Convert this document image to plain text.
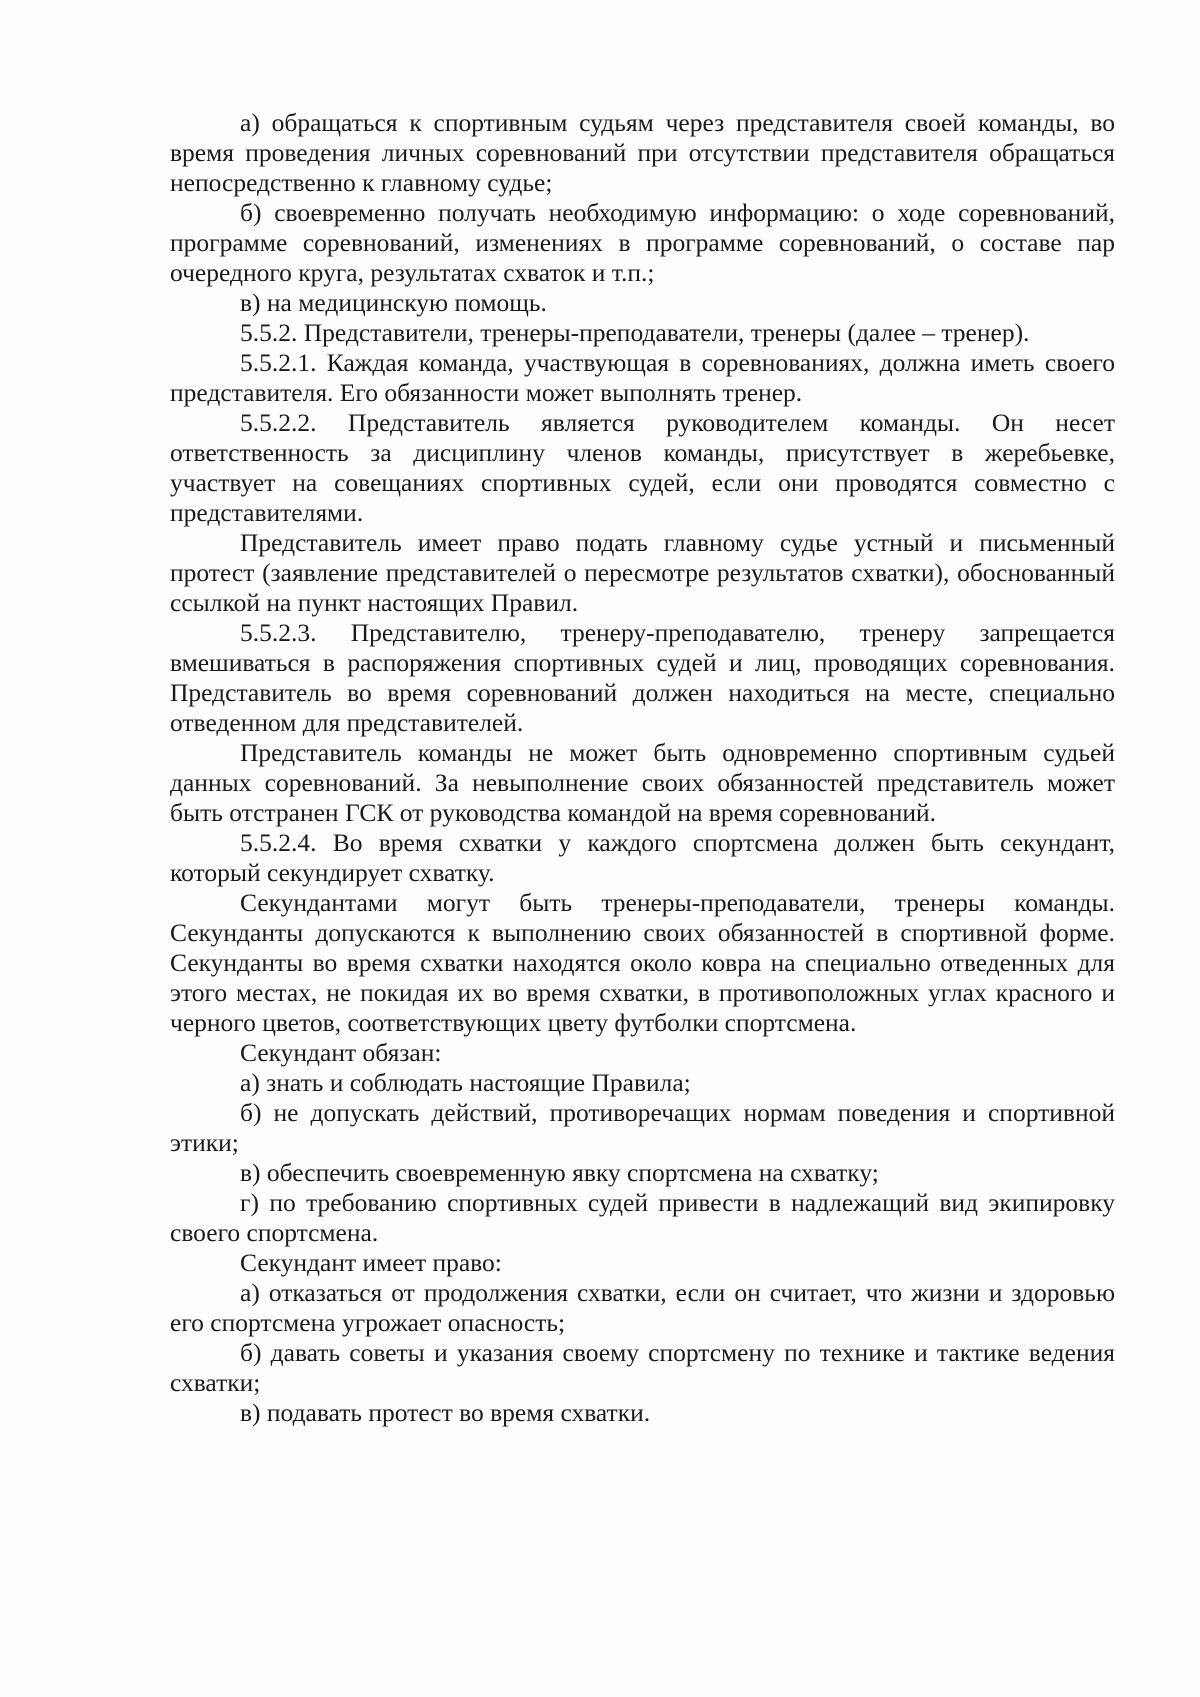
а) обращаться к спортивным судьям через представителя своей команды, во время проведения личных соревнований при отсутствии представителя обращаться непосредственно к главному судье;

б) своевременно получать необходимую информацию: о ходе соревнований, программе соревнований, изменениях в программе соревнований, о составе пар очередного круга, результатах схваток и т.п.;

в) на медицинскую помощь.

5.5.2. Представители, тренеры-преподаватели, тренеры (далее – тренер).

5.5.2.1. Каждая команда, участвующая в соревнованиях, должна иметь своего представителя. Его обязанности может выполнять тренер.

5.5.2.2. Представитель является руководителем команды. Он несет ответственность за дисциплину членов команды, присутствует в жеребьевке, участвует на совещаниях спортивных судей, если они проводятся совместно с представителями.

Представитель имеет право подать главному судье устный и письменный протест (заявление представителей о пересмотре результатов схватки), обоснованный ссылкой на пункт настоящих Правил.

5.5.2.3. Представителю, тренеру-преподавателю, тренеру запрещается вмешиваться в распоряжения спортивных судей и лиц, проводящих соревнования. Представитель во время соревнований должен находиться на месте, специально отведенном для представителей.

Представитель команды не может быть одновременно спортивным судьей данных соревнований. За невыполнение своих обязанностей представитель может быть отстранен ГСК от руководства командой на время соревнований.

5.5.2.4. Во время схватки у каждого спортсмена должен быть секундант, который секундирует схватку.

Секундантами могут быть тренеры-преподаватели, тренеры команды. Секунданты допускаются к выполнению своих обязанностей в спортивной форме. Секунданты во время схватки находятся около ковра на специально отведенных для этого местах, не покидая их во время схватки, в противоположных углах красного и черного цветов, соответствующих цвету футболки спортсмена.

Секундант обязан:

а) знать и соблюдать настоящие Правила;

б) не допускать действий, противоречащих нормам поведения и спортивной этики;

в) обеспечить своевременную явку спортсмена на схватку;

г) по требованию спортивных судей привести в надлежащий вид экипировку своего спортсмена.

Секундант имеет право:

а) отказаться от продолжения схватки, если он считает, что жизни и здоровью его спортсмена угрожает опасность;

б) давать советы и указания своему спортсмену по технике и тактике ведения схватки;

в) подавать протест во время схватки.
